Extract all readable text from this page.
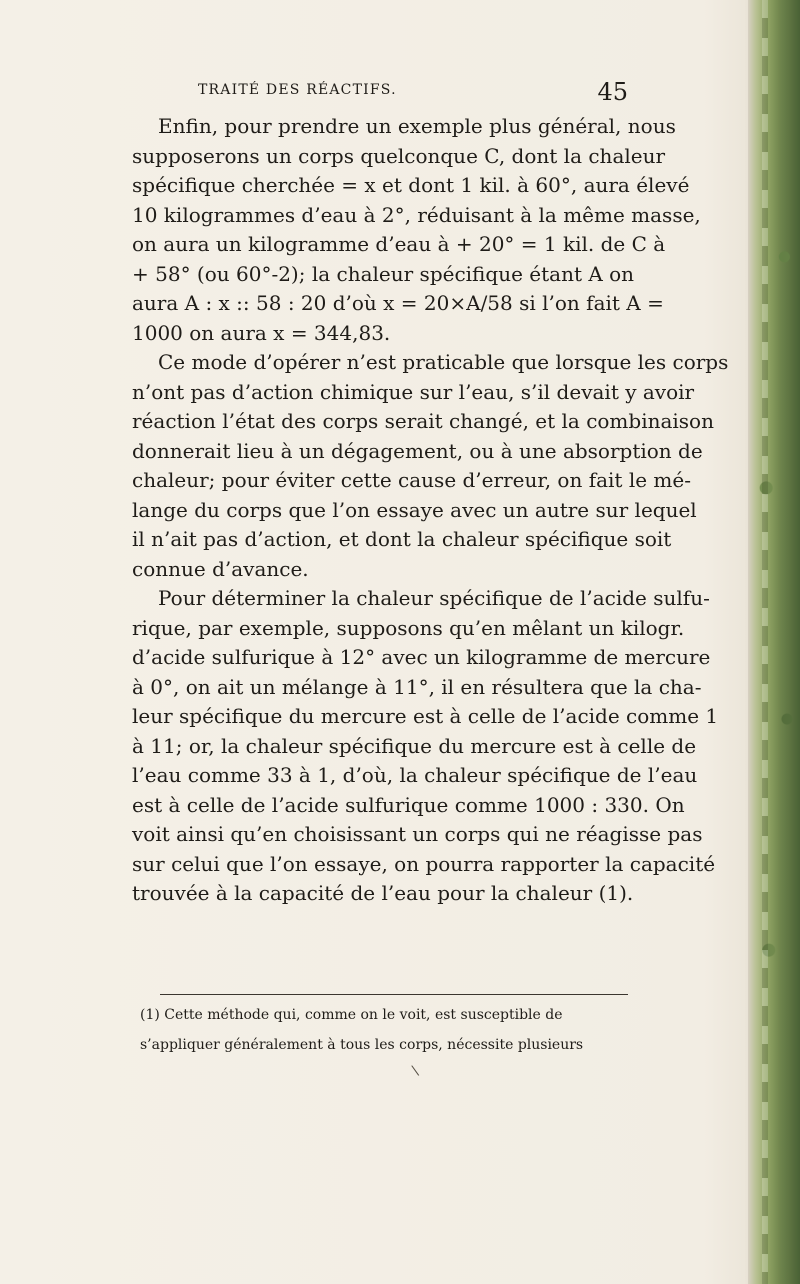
TRAITÉ DES RÉACTIFS.	45
Enfin, pour prendre un exemple plus général, nous
supposerons un corps quelconque C, dont la chaleur
spécifique cherchée = x et dont 1 kil. à 60°, aura élevé
10 kilogrammes d’eau à 2°, réduisant à la même masse,
on aura un kilogramme d’eau à + 20° = 1 kil. de C à
+ 58° (ou 60°-2); la chaleur spécifique étant A on
aura A : x :: 58 : 20 d’où x = 20×A/58 si l’on fait A =
1000 on aura x = 344,83.
Ce mode d’opérer n’est praticable que lorsque les corps
n’ont pas d’action chimique sur l’eau, s’il devait y avoir
réaction l’état des corps serait changé, et la combinaison
donnerait lieu à un dégagement, ou à une absorption de
chaleur; pour éviter cette cause d’erreur, on fait le mé-
lange du corps que l’on essaye avec un autre sur lequel
il n’ait pas d’action, et dont la chaleur spécifique soit
connue d’avance.
Pour déterminer la chaleur spécifique de l’acide sulfu-
rique, par exemple, supposons qu’en mêlant un kilogr.
d’acide sulfurique à 12° avec un kilogramme de mercure
à 0°, on ait un mélange à 11°, il en résultera que la cha-
leur spécifique du mercure est à celle de l’acide comme 1
à 11; or, la chaleur spécifique du mercure est à celle de
l’eau comme 33 à 1, d’où, la chaleur spécifique de l’eau
est à celle de l’acide sulfurique comme 1000 : 330. On
voit ainsi qu’en choisissant un corps qui ne réagisse pas
sur celui que l’on essaye, on pourra rapporter la capacité
trouvée à la capacité de l’eau pour la chaleur (1).
(1) Cette méthode qui, comme on le voit, est susceptible de
s’appliquer généralement à tous les corps, nécessite plusieurs
\
